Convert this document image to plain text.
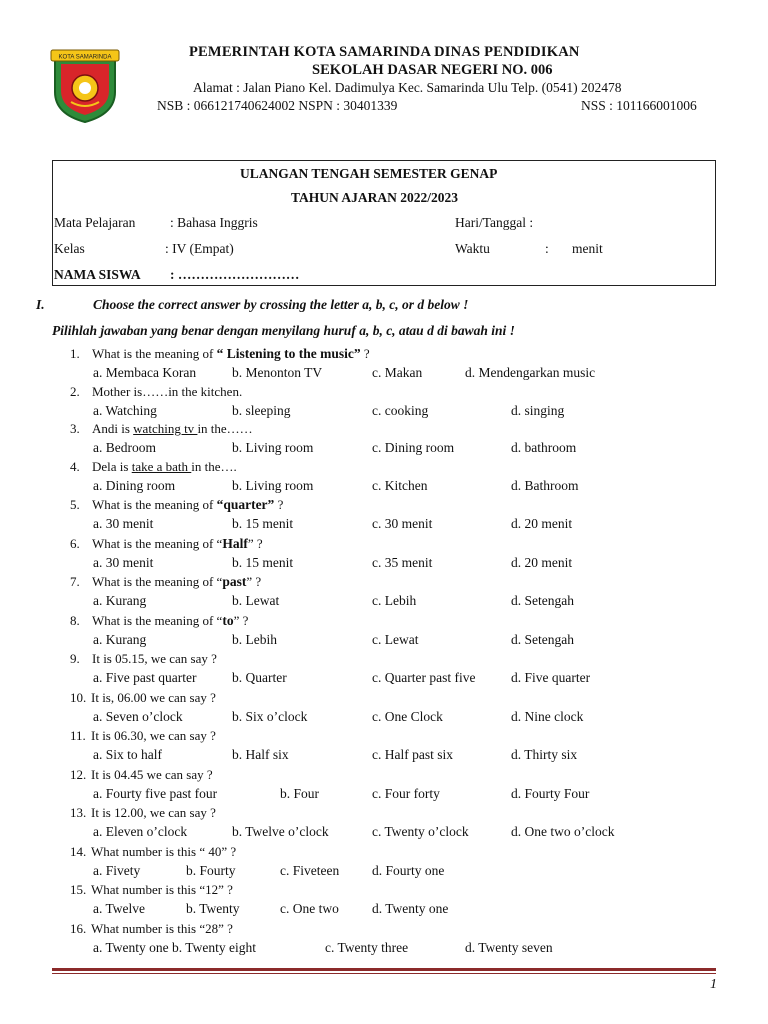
KOTA SAMARINDA	PEMERINTAH KOTA SAMARINDA DINAS PENDIDIKAN
SEKOLAH DASAR NEGERI NO. 006
Alamat : Jalan Piano Kel. Dadimulya Kec. Samarinda Ulu Telp. (0541) 202478
NSB : 066121740624002 NSPN : 30401339	NSS : 101166001006
ULANGAN TENGAH SEMESTER GENAP
TAHUN AJARAN 2022/2023
Mata Pelajaran	: Bahasa Inggris	Hari/Tanggal :
Kelas	: IV (Empat)	Waktu	: menit
NAMA SISWA : ………………………
I.	Choose the correct answer by crossing the letter a, b, c, or d below !
Pilihlah jawaban yang benar dengan menyilang huruf a, b, c, atau d di bawah ini !
1. What is the meaning of “ Listening to the music” ?
a. Membaca Koran	b. Menonton TV	c. Makan	d. Mendengarkan music
2. Mother is……in the kitchen.
a. Watching	b. sleeping	c. cooking	d. singing
3. Andi is watching tv in the……
a. Bedroom	b. Living room	c. Dining room	d. bathroom
4. Dela is take a bath in the….
a. Dining room	b. Living room	c. Kitchen	d. Bathroom
5. What is the meaning of “quarter” ?
a. 30 menit	b. 15 menit	c. 30 menit	d. 20 menit
6. What is the meaning of “Half” ?
a. 30 menit	b. 15 menit	c. 35 menit	d. 20 menit
7. What is the meaning of “past” ?
a. Kurang	b. Lewat	c. Lebih	d. Setengah
8. What is the meaning of “to” ?
a. Kurang	b. Lebih	c. Lewat	d. Setengah
9. It is 05.15, we can say ?
a. Five past quarter	b. Quarter	c. Quarter past five	d. Five quarter
10. It is, 06.00 we can say ?
a. Seven o’clock	b. Six o’clock	c. One Clock	d. Nine clock
11. It is 06.30, we can say ?
a. Six to half	b. Half six	c. Half past six	d. Thirty six
12. It is 04.45 we can say ?
a. Fourty five past four	b. Four	c. Four forty	d. Fourty Four
13. It is 12.00, we can say ?
a. Eleven o’clock	b. Twelve o’clock	c. Twenty o’clock	d. One two o’clock
14. What number is this “ 40” ?
a. Fivety	b. Fourty	c. Fiveteen d. Fourty one
15. What number is this “12” ?
a. Twelve	b. Twenty	c. One two d. Twenty one
16. What number is this “28” ?
a. Twenty one b. Twenty eight	c. Twenty three	d. Twenty seven
1
